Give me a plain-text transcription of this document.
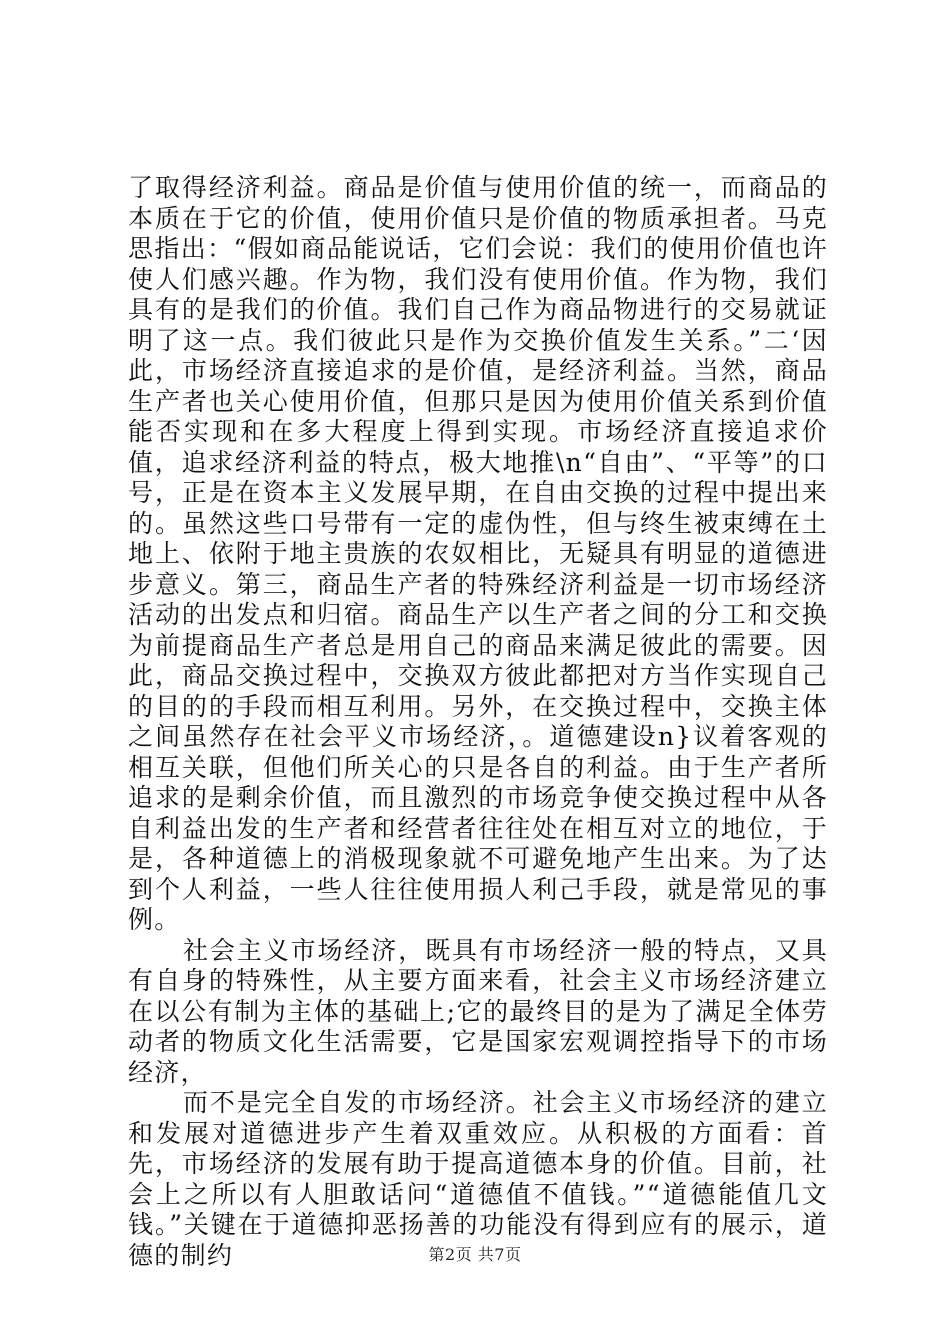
了取得经济利益。商品是价值与使用价值的统一，而商品的本质在于它的价值，使用价值只是价值的物质承担者。马克思指出：“假如商品能说话，它们会说：我们的使用价值也许使人们感兴趣。作为物，我们没有使用价值。作为物，我们具有的是我们的价值。我们自己作为商品物进行的交易就证明了这一点。我们彼此只是作为交换价值发生关系。”二‘因此，市场经济直接追求的是价值，是经济利益。当然，商品生产者也关心使用价值，但那只是因为使用价值关系到价值能否实现和在多大程度上得到实现。市场经济直接追求价值，追求经济利益的特点，极大地推\n“自由”、“平等”的口号，正是在资本主义发展早期，在自由交换的过程中提出来的。虽然这些口号带有一定的虚伪性，但与终生被束缚在土地上、依附于地主贵族的农奴相比，无疑具有明显的道德进步意义。第三，商品生产者的特殊经济利益是一切市场经济活动的出发点和归宿。商品生产以生产者之间的分工和交换为前提商品生产者总是用自己的商品来满足彼此的需要。因此，商品交换过程中，交换双方彼此都把对方当作实现自己的目的的手段而相互利用。另外，在交换过程中，交换主体之间虽然存在社会平义市场经济，。道德建设n}议着客观的相互关联，但他们所关心的只是各自的利益。由于生产者所追求的是剩余价值，而且激烈的市场竞争使交换过程中从各自利益出发的生产者和经营者往往处在相互对立的地位，于是，各种道德上的消极现象就不可避免地产生出来。为了达到个人利益，一些人往往使用损人利己手段，就是常见的事例。

社会主义市场经济，既具有市场经济一般的特点，又具有自身的特殊性，从主要方面来看，社会主义市场经济建立在以公有制为主体的基础上;它的最终目的是为了满足全体劳动者的物质文化生活需要，它是国家宏观调控指导下的市场经济，

而不是完全自发的市场经济。社会主义市场经济的建立和发展对道德进步产生着双重效应。从积极的方面看：首先，市场经济的发展有助于提高道德本身的价值。目前，社会上之所以有人胆敢话问“道德值不值钱。”“道德能值几文钱。”关键在于道德抑恶扬善的功能没有得到应有的展示，道德的制约	第2页 共7页
